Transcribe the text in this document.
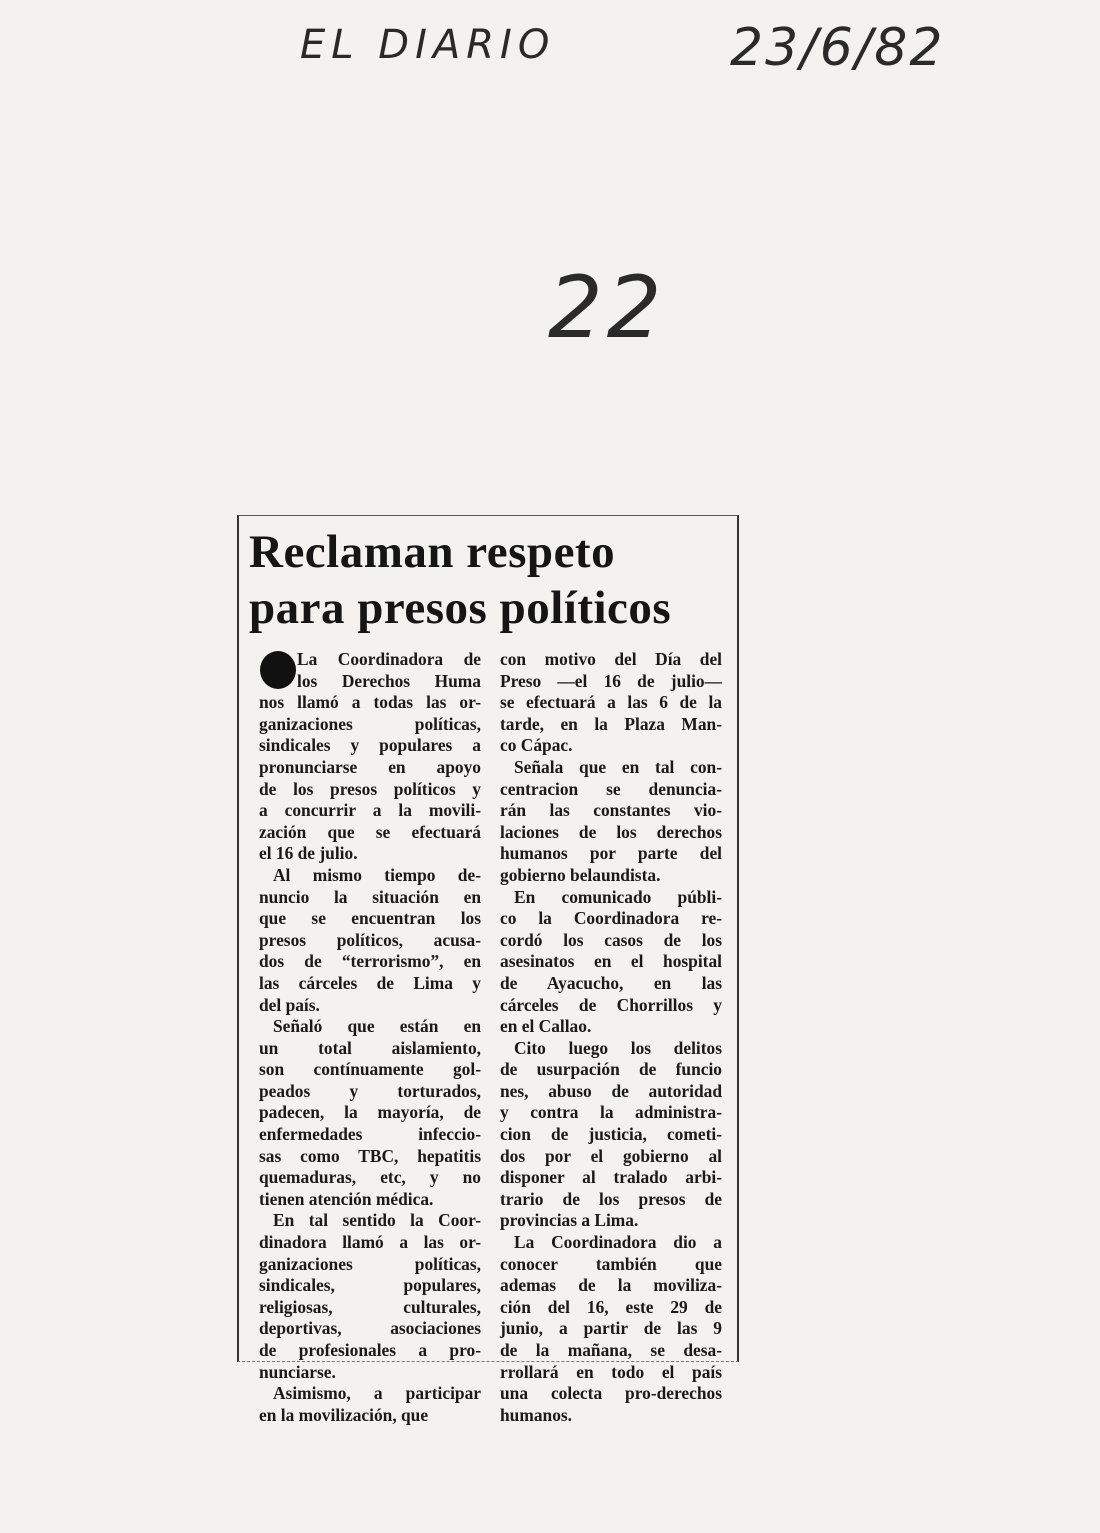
EL DIARIO	23/6/82
22
Reclaman respeto
para presos políticos
La Coordinadora de
los Derechos Huma
nos llamó a todas las or-
ganizaciones políticas,
sindicales y populares a
pronunciarse en apoyo
de los presos políticos y
a concurrir a la movili-
zación que se efectuará
el 16 de julio.
Al mismo tiempo de-
nuncio la situación en
que se encuentran los
presos políticos, acusa-
dos de “terrorismo”, en
las cárceles de Lima y
del país.
Señaló que están en
un total aislamiento,
son contínuamente gol-
peados y torturados,
padecen, la mayoría, de
enfermedades infeccio-
sas como TBC, hepatitis
quemaduras, etc, y no
tienen atención médica.
En tal sentido la Coor-
dinadora llamó a las or-
ganizaciones políticas,
sindicales, populares,
religiosas, culturales,
deportivas, asociaciones
de profesionales a pro-
nunciarse.
Asimismo, a participar
en la movilización, que
con motivo del Día del
Preso —el 16 de julio—
se efectuará a las 6 de la
tarde, en la Plaza Man-
co Cápac.
Señala que en tal con-
centracion se denuncia-
rán las constantes vio-
laciones de los derechos
humanos por parte del
gobierno belaundista.
En comunicado públi-
co la Coordinadora re-
cordó los casos de los
asesinatos en el hospital
de Ayacucho, en las
cárceles de Chorrillos y
en el Callao.
Cito luego los delitos
de usurpación de funcio
nes, abuso de autoridad
y contra la administra-
cion de justicia, cometi-
dos por el gobierno al
disponer al tralado arbi-
trario de los presos de
provincias a Lima.
La Coordinadora dio a
conocer también que
ademas de la moviliza-
ción del 16, este 29 de
junio, a partir de las 9
de la mañana, se desa-
rrollará en todo el país
una colecta pro-derechos
humanos.
